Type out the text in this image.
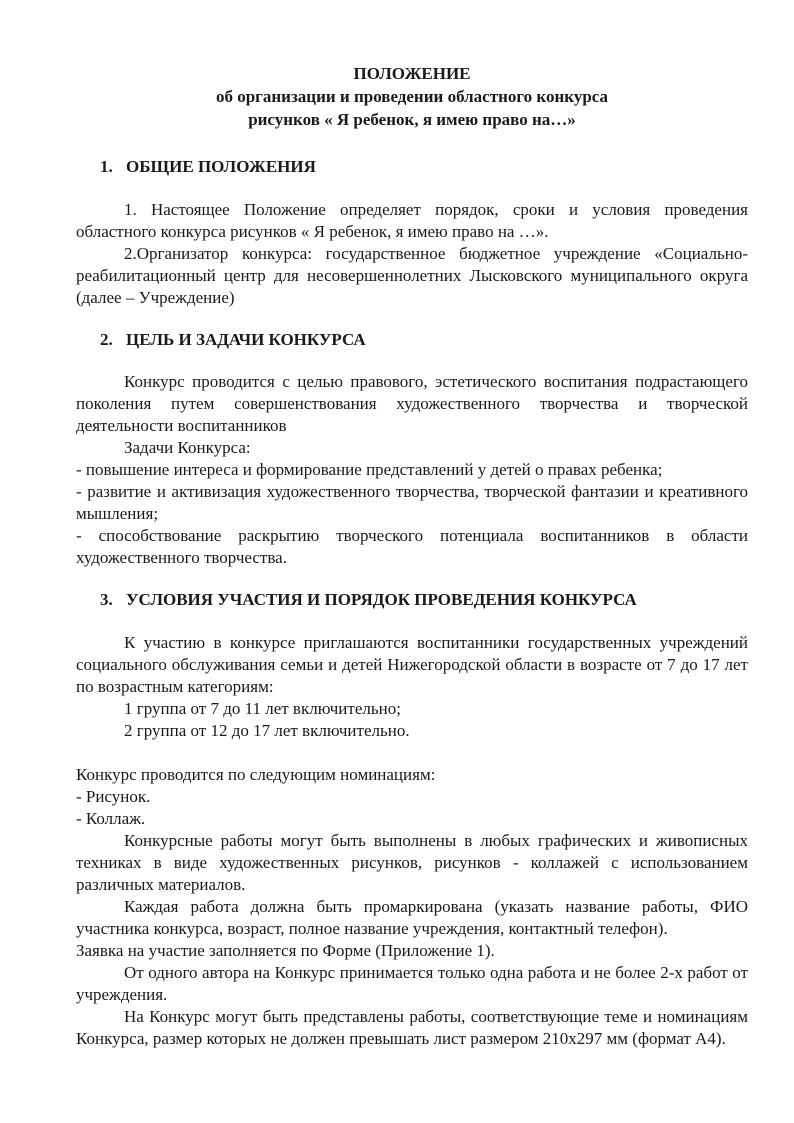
ПОЛОЖЕНИЕ
об организации и проведении областного конкурса
рисунков « Я ребенок, я имею право на…»
1. ОБЩИЕ ПОЛОЖЕНИЯ

1. Настоящее Положение определяет порядок, сроки и условия проведения областного конкурса рисунков « Я ребенок, я имею право на …».

2.Организатор конкурса: государственное бюджетное учреждение «Социально- реабилитационный центр для несовершеннолетних Лысковского муниципального округа (далее – Учреждение)

2. ЦЕЛЬ И ЗАДАЧИ КОНКУРСА

Конкурс проводится с целью правового, эстетического воспитания подрастающего поколения путем совершенствования художественного творчества и творческой деятельности воспитанников

Задачи Конкурса:

- повышение интереса и формирование представлений у детей о правах ребенка;

- развитие и активизация художественного творчества, творческой фантазии и креативного мышления;

- способствование раскрытию творческого потенциала воспитанников в области художественного творчества.

3. УСЛОВИЯ УЧАСТИЯ И ПОРЯДОК ПРОВЕДЕНИЯ КОНКУРСА

К участию в конкурсе приглашаются воспитанники государственных учреждений социального обслуживания семьи и детей Нижегородской области в возрасте от 7 до 17 лет по возрастным категориям:

1 группа от 7 до 11 лет включительно;

2 группа от 12 до 17 лет включительно.

Конкурс проводится по следующим номинациям:

- Рисунок.

- Коллаж.

Конкурсные работы могут быть выполнены в любых графических и живописных техниках в виде художественных рисунков, рисунков - коллажей с использованием различных материалов.

Каждая работа должна быть промаркирована (указать название работы, ФИО участника конкурса, возраст, полное название учреждения, контактный телефон).

Заявка на участие заполняется по Форме (Приложение 1).

От одного автора на Конкурс принимается только одна работа и не более 2-х работ от учреждения.

На Конкурс могут быть представлены работы, соответствующие теме и номинациям Конкурса, размер которых не должен превышать лист размером 210х297 мм (формат А4).
